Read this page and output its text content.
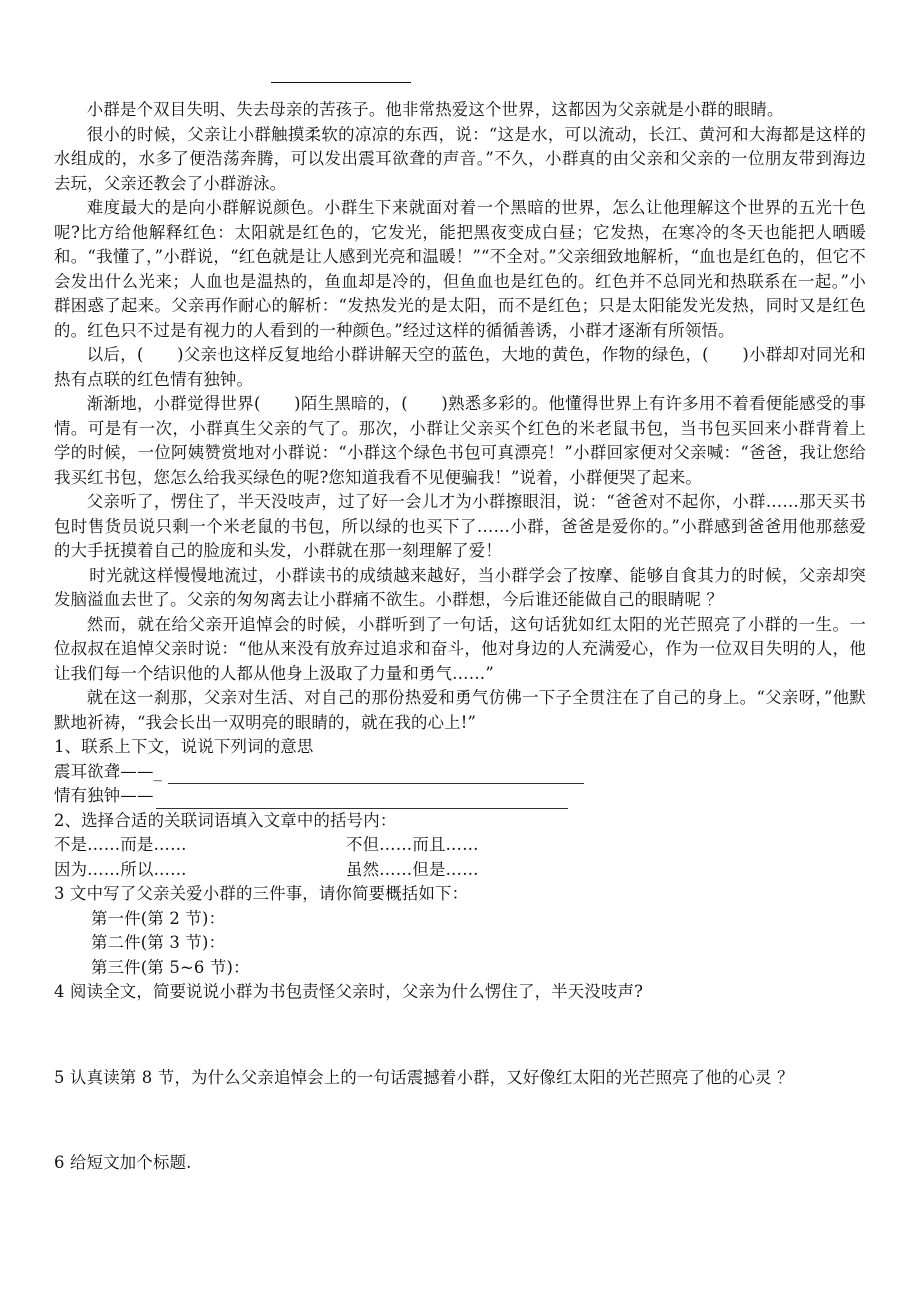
小群是个双目失明、失去母亲的苦孩子。他非常热爱这个世界，这都因为父亲就是小群的眼睛。

很小的时候，父亲让小群触摸柔软的凉凉的东西，说：“这是水，可以流动，长江、黄河和大海都是这样的水组成的，水多了便浩荡奔腾，可以发出震耳欲聋的声音。”不久，小群真的由父亲和父亲的一位朋友带到海边去玩，父亲还教会了小群游泳。

难度最大的是向小群解说颜色。小群生下来就面对着一个黑暗的世界，怎么让他理解这个世界的五光十色呢?比方给他解释红色：太阳就是红色的，它发光，能把黑夜变成白昼；它发热，在寒冷的冬天也能把人晒暖和。“我懂了，”小群说，“红色就是让人感到光亮和温暖！”“不全对。”父亲细致地解析，“血也是红色的，但它不会发出什么光来；人血也是温热的，鱼血却是冷的，但鱼血也是红色的。红色并不总同光和热联系在一起。”小群困惑了起来。父亲再作耐心的解析：“发热发光的是太阳，而不是红色；只是太阳能发光发热，同时又是红色的。红色只不过是有视力的人看到的一种颜色。”经过这样的循循善诱，小群才逐渐有所领悟。

以后，(　　)父亲也这样反复地给小群讲解天空的蓝色，大地的黄色，作物的绿色，(　　)小群却对同光和热有点联的红色情有独钟。

渐渐地，小群觉得世界(　　)陌生黑暗的，(　　)熟悉多彩的。他懂得世界上有许多用不着看便能感受的事情。可是有一次，小群真生父亲的气了。那次，小群让父亲买个红色的米老鼠书包，当书包买回来小群背着上学的时候，一位阿姨赞赏地对小群说：“小群这个绿色书包可真漂亮！”小群回家便对父亲喊：“爸爸，我让您给我买红书包，您怎么给我买绿色的呢?您知道我看不见便骗我！”说着，小群便哭了起来。

父亲听了，愣住了，半天没吱声，过了好一会儿才为小群擦眼泪，说：“爸爸对不起你，小群……那天买书包时售货员说只剩一个米老鼠的书包，所以绿的也买下了……小群，爸爸是爱你的。”小群感到爸爸用他那慈爱的大手抚摸着自己的脸庞和头发，小群就在那一刻理解了爱！

时光就这样慢慢地流过，小群读书的成绩越来越好，当小群学会了按摩、能够自食其力的时候，父亲却突发脑溢血去世了。父亲的匆匆离去让小群痛不欲生。小群想，今后谁还能做自己的眼睛呢 ？

然而，就在给父亲开追悼会的时候，小群听到了一句话，这句话犹如红太阳的光芒照亮了小群的一生。一位叔叔在追悼父亲时说：“他从来没有放弃过追求和奋斗，他对身边的人充满爱心，作为一位双目失明的人，他让我们每一个结识他的人都从他身上汲取了力量和勇气……”

就在这一刹那，父亲对生活、对自己的那份热爱和勇气仿佛一下子全贯注在了自己的身上。“父亲呀，”他默默地祈祷，“我会长出一双明亮的眼睛的，就在我的心上!”

1、联系上下文，说说下列词的意思

震耳欲聋—— _
情有独钟——

2、选择合适的关联词语填入文章中的括号内：

不是……而是……	不但……而且……
因为……所以……	虽然……但是……

3 文中写了父亲关爱小群的三件事，请你简要概括如下：

第一件(第 2 节)：

第二件(第 3 节)：

第三件(第 5~6 节)：

4 阅读全文，简要说说小群为书包责怪父亲时，父亲为什么愣住了，半天没吱声?

5 认真读第 8 节，为什么父亲追悼会上的一句话震撼着小群，又好像红太阳的光芒照亮了他的心灵 ？

6 给短文加个标题.
